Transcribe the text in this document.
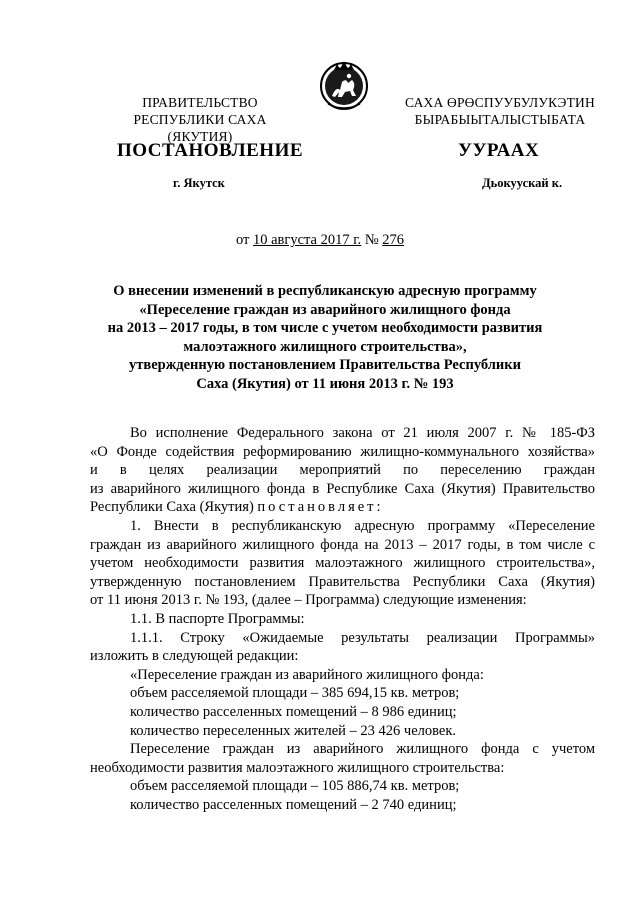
ПРАВИТЕЛЬСТВО
РЕСПУБЛИКИ САХА (ЯКУТИЯ)
САХА ӨРӨСПУУБУЛУКЭТИН
БЫРАБЫЫТАЛЫСТЫБАТА
ПОСТАНОВЛЕНИЕ	УУРААХ
г. Якутск	Дьокуускай к.
от 10 августа 2017 г. № 276
О внесении изменений в республиканскую адресную программу
«Переселение граждан из аварийного жилищного фонда
на 2013 – 2017 годы, в том числе с учетом необходимости развития
малоэтажного жилищного строительства»,
утвержденную постановлением Правительства Республики
Саха (Якутия) от 11 июня 2013 г. № 193

Во исполнение Федерального закона от 21 июля 2007 г. № 185-ФЗ

«О Фонде содействия реформированию жилищно-коммунального хозяйства»

и в целях реализации мероприятий по переселению граждан

из аварийного жилищного фонда в Республике Саха (Якутия) Правительство

Республики Саха (Якутия) постановляет:

1. Внести в республиканскую адресную программу «Переселение

граждан из аварийного жилищного фонда на 2013 – 2017 годы, в том числе с

учетом необходимости развития малоэтажного жилищного строительства»,

утвержденную постановлением Правительства Республики Саха (Якутия)

от 11 июня 2013 г. № 193, (далее – Программа) следующие изменения:

1.1. В паспорте Программы:

1.1.1. Строку «Ожидаемые результаты реализации Программы»

изложить в следующей редакции:

«Переселение граждан из аварийного жилищного фонда:

объем расселяемой площади – 385 694,15 кв. метров;

количество расселенных помещений – 8 986 единиц;

количество переселенных жителей – 23 426 человек.

Переселение граждан из аварийного жилищного фонда с учетом

необходимости развития малоэтажного жилищного строительства:

объем расселяемой площади – 105 886,74 кв. метров;

количество расселенных помещений – 2 740 единиц;
